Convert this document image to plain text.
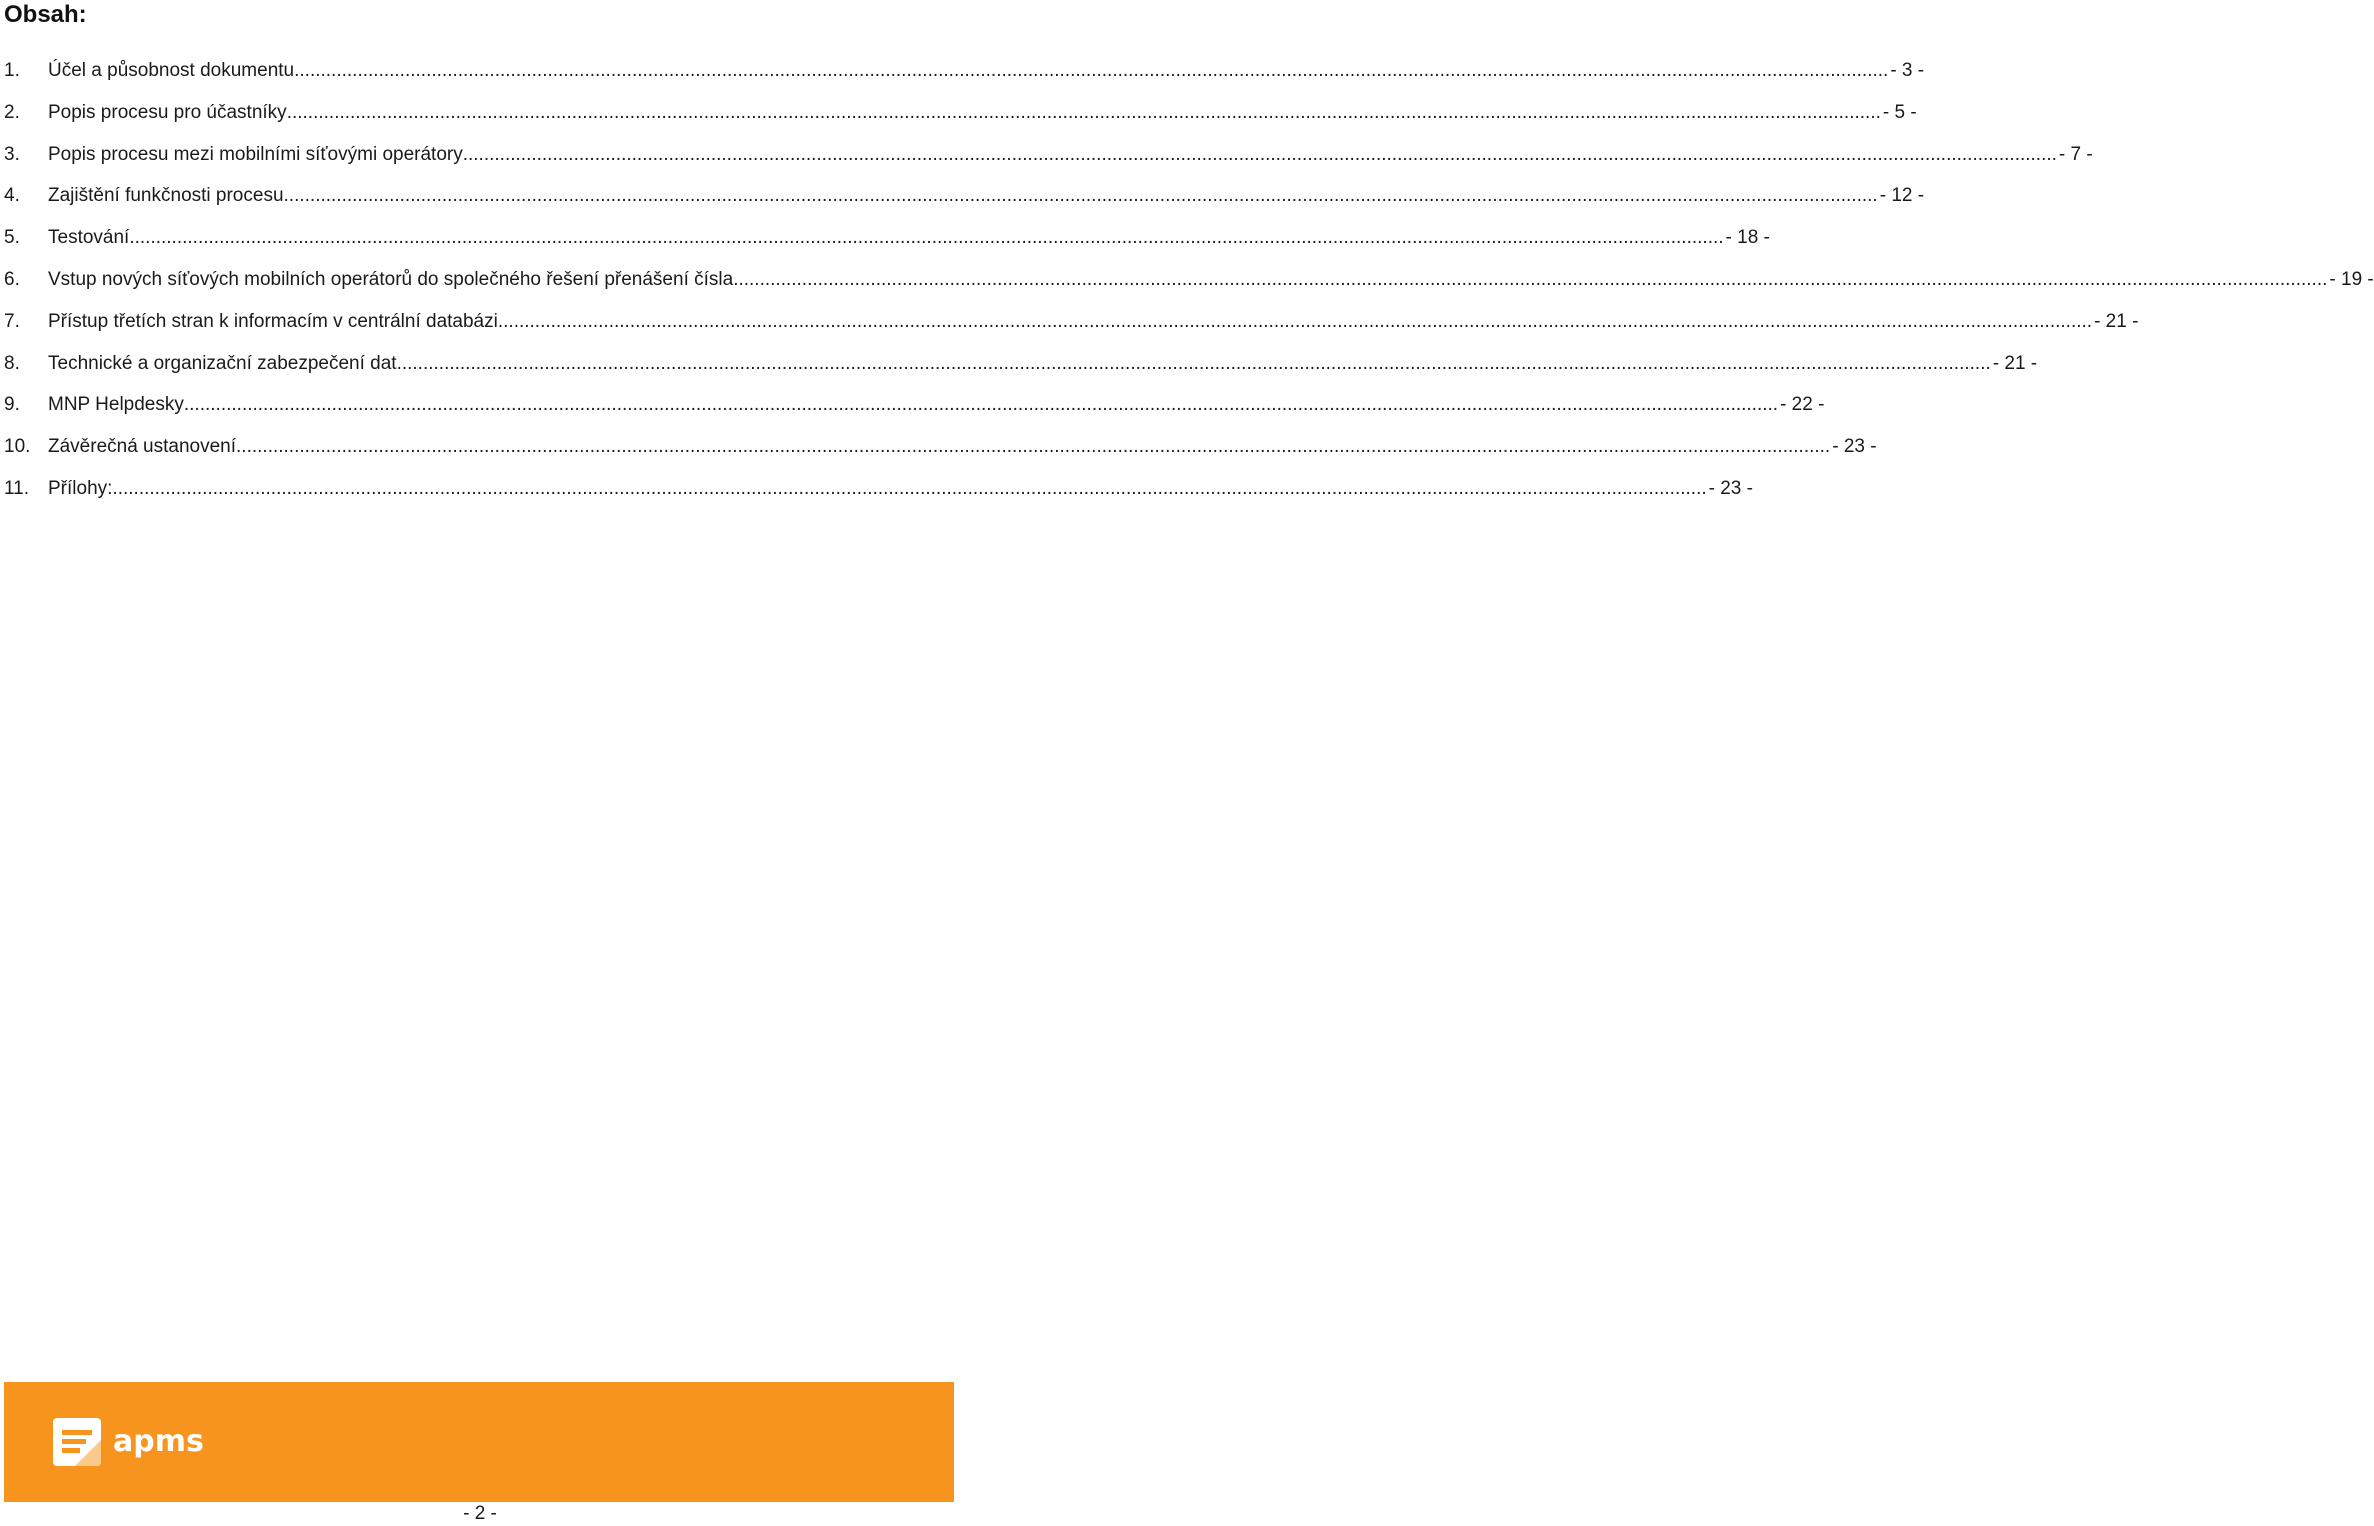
Obsah:
1.	Účel a působnost dokumentu .....	- 3 -
2.	Popis procesu pro účastníky .....	- 5 -
3.	Popis procesu mezi mobilními síťovými operátory .....	- 7 -
4.	Zajištění funkčnosti procesu .....	- 12 -
5.	Testování .....	- 18 -
6.	Vstup nových síťových mobilních operátorů do společného řešení přenášení čísla .....	- 19 -
7.	Přístup třetích stran k informacím v centrální databázi .....	- 21 -
8.	Technické a organizační zabezpečení dat .....	- 21 -
9.	MNP Helpdesky .....	- 22 -
10. Závěrečná ustanovení .....	- 23 -
11. Přílohy: .....	- 23 -
apms
- 2 -
